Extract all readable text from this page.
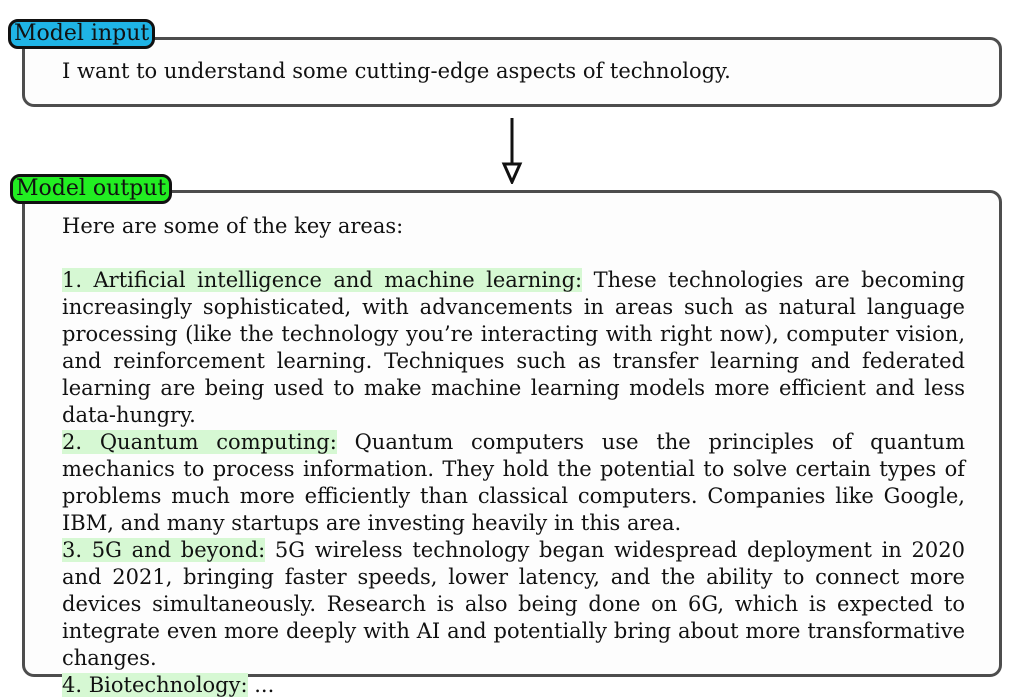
Model input
I want to understand some cutting-edge aspects of technology.
Model output
Here are some of the key areas:

1. Artificial intelligence and machine learning: These technologies are becoming increasingly sophisticated, with advancements in areas such as natural language processing (like the technology you’re interacting with right now), computer vision, and reinforcement learning. Techniques such as transfer learning and federated learning are being used to make machine learning models more efficient and less data-hungry.

2. Quantum computing: Quantum computers use the principles of quantum mechanics to process information. They hold the potential to solve certain types of problems much more efficiently than classical computers. Companies like Google, IBM, and many startups are investing heavily in this area.

3. 5G and beyond: 5G wireless technology began widespread deployment in 2020 and 2021, bringing faster speeds, lower latency, and the ability to connect more devices simultaneously. Research is also being done on 6G, which is expected to integrate even more deeply with AI and potentially bring about more transformative changes.

4. Biotechnology: ...
